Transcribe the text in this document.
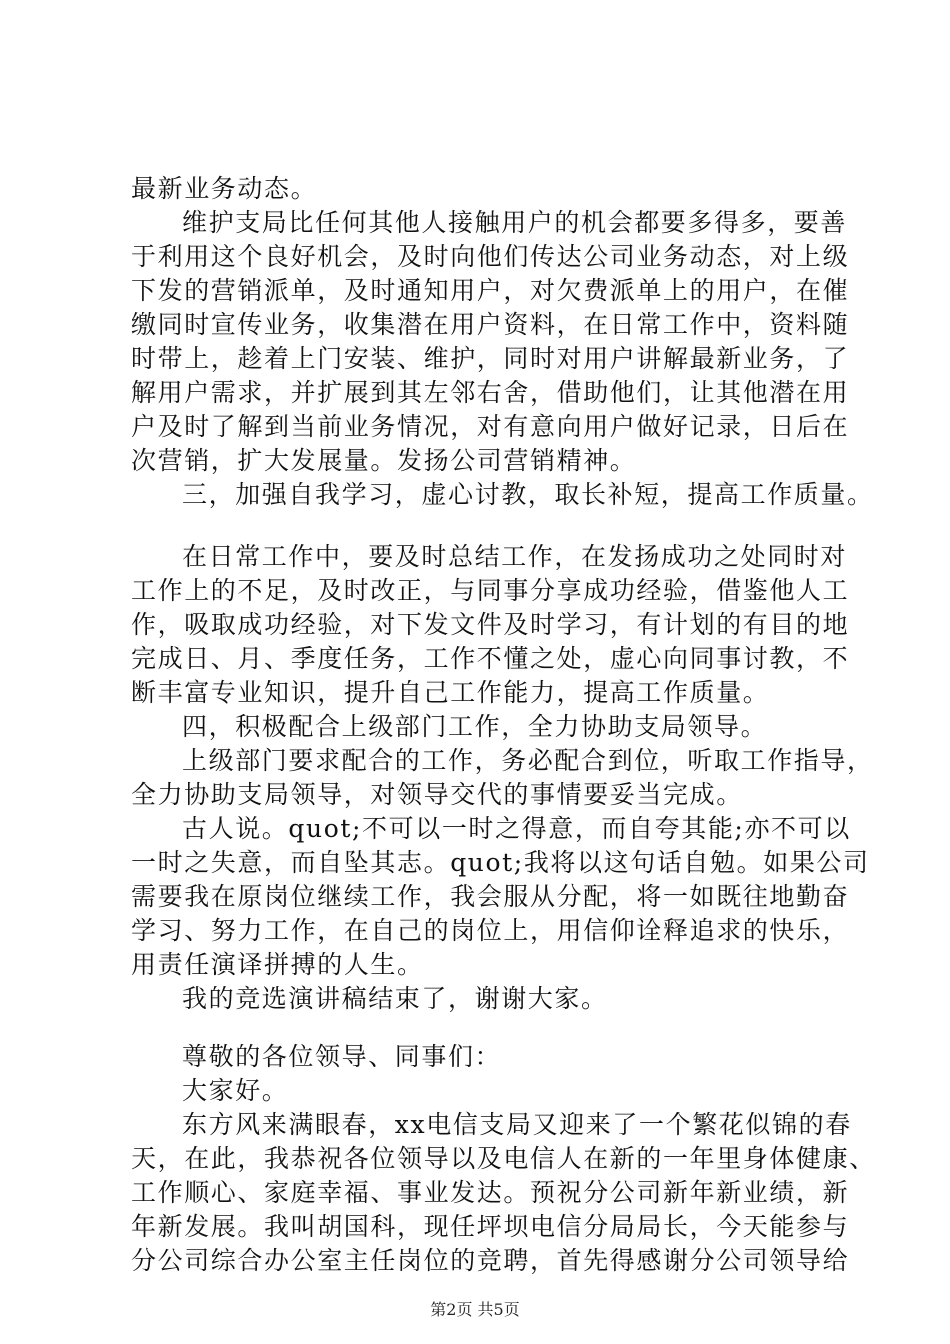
最新业务动态。
维护支局比任何其他人接触用户的机会都要多得多，要善
于利用这个良好机会，及时向他们传达公司业务动态，对上级
下发的营销派单，及时通知用户，对欠费派单上的用户，在催
缴同时宣传业务，收集潜在用户资料，在日常工作中，资料随
时带上，趁着上门安装、维护，同时对用户讲解最新业务，了
解用户需求，并扩展到其左邻右舍，借助他们，让其他潜在用
户及时了解到当前业务情况，对有意向用户做好记录，日后在
次营销，扩大发展量。发扬公司营销精神。
三，加强自我学习，虚心讨教，取长补短，提高工作质量。
在日常工作中，要及时总结工作，在发扬成功之处同时对
工作上的不足，及时改正，与同事分享成功经验，借鉴他人工
作，吸取成功经验，对下发文件及时学习，有计划的有目的地
完成日、月、季度任务，工作不懂之处，虚心向同事讨教，不
断丰富专业知识，提升自己工作能力，提高工作质量。
四，积极配合上级部门工作，全力协助支局领导。
上级部门要求配合的工作，务必配合到位，听取工作指导，
全力协助支局领导，对领导交代的事情要妥当完成。
古人说。quot;不可以一时之得意，而自夸其能;亦不可以
一时之失意，而自坠其志。quot;我将以这句话自勉。如果公司
需要我在原岗位继续工作，我会服从分配，将一如既往地勤奋
学习、努力工作，在自己的岗位上，用信仰诠释追求的快乐，
用责任演译拼搏的人生。
我的竞选演讲稿结束了，谢谢大家。
尊敬的各位领导、同事们：
大家好。
东方风来满眼春，xx电信支局又迎来了一个繁花似锦的春
天，在此，我恭祝各位领导以及电信人在新的一年里身体健康、
工作顺心、家庭幸福、事业发达。预祝分公司新年新业绩，新
年新发展。我叫胡国科，现任坪坝电信分局局长，今天能参与
分公司综合办公室主任岗位的竞聘，首先得感谢分公司领导给
第2页 共5页
